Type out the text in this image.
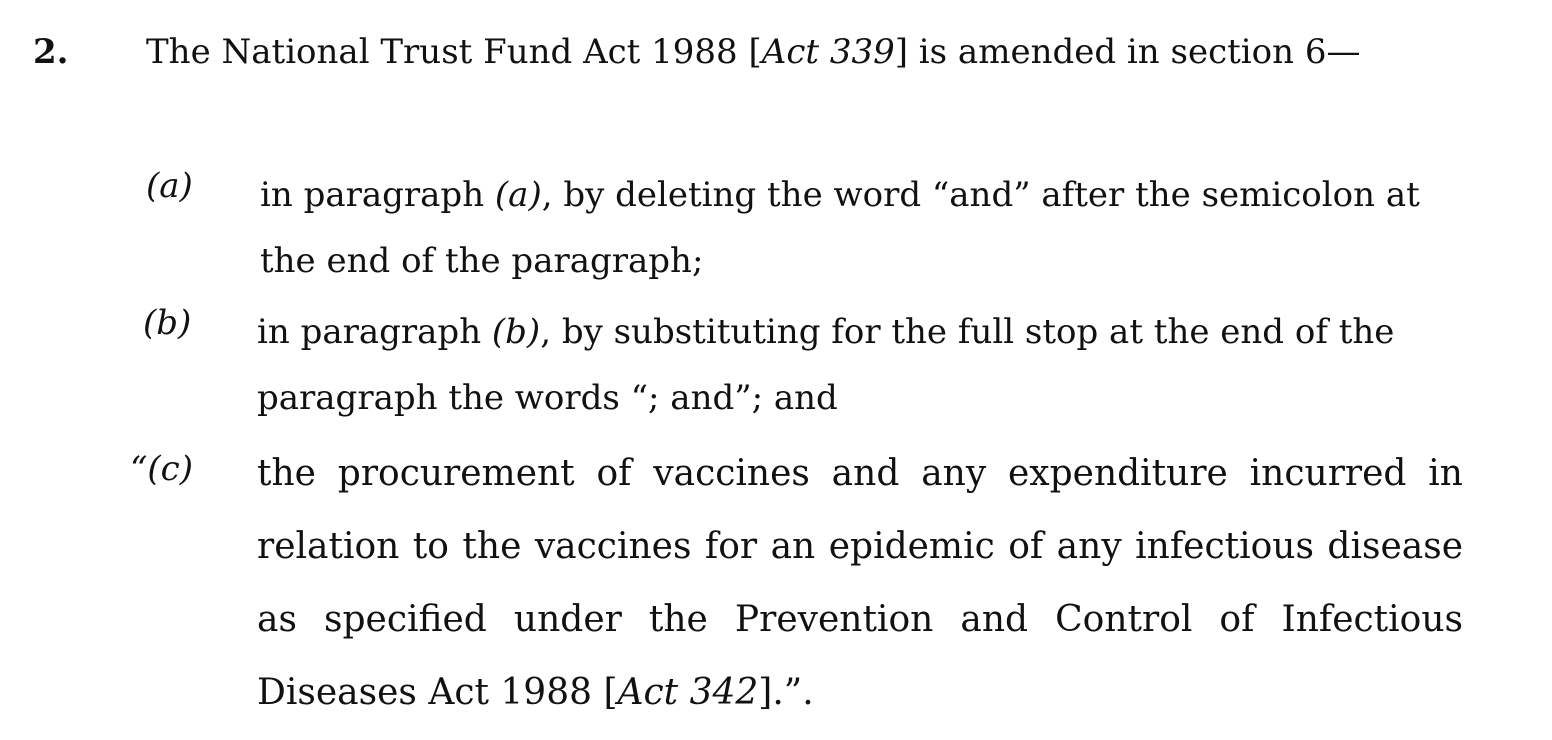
2. The National Trust Fund Act 1988 [Act 339] is amended in section 6—
(a) in paragraph (a), by deleting the word “and” after the semicolon at the end of the paragraph;
(b) in paragraph (b), by substituting for the full stop at the end of the paragraph the words “; and”; and
“(c) the procurement of vaccines and any expenditure incurred in relation to the vaccines for an epidemic of any infectious disease as specified under the Prevention and Control of Infectious Diseases Act 1988 [Act 342].”.
